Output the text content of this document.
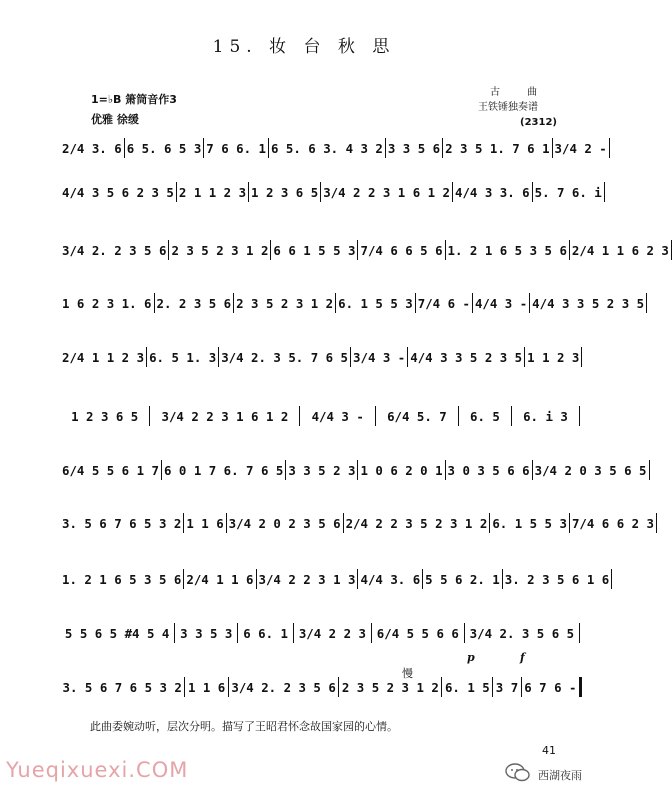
15. 妆 台 秋 思
1=♭B 箫筒音作3
优雅 徐缓
古 曲
王铁锤独奏谱
(2312)
2/4 3. 6 6 5. 6 5 3 7 6 6. 1 6 5. 6 3. 4 3 2 3 3 5 6 2 3 5 1. 7 6 1 3/4 2 -
4/4 3 5 6 2 3 5 2 1 1 2 3 1 2 3 6 5 3/4 2 2 3 1 6 1 2 4/4 3 3. 6 5. 7 6. i
3/4 2. 2 3 5 6 2 3 5 2 3 1 2 6 6 1 5 5 3 7/4 6 6 5 6 1. 2 1 6 5 3 5 6 2/4 1 1 6 2 3
1 6 2 3 1. 6 2. 2 3 5 6 2 3 5 2 3 1 2 6. 1 5 5 3 7/4 6 - 4/4 3 - 4/4 3 3 5 2 3 5
2/4 1 1 2 3 6. 5 1. 3 3/4 2. 3 5. 7 6 5 3/4 3 - 4/4 3 3 5 2 3 5 1 1 2 3
1 2 3 6 5	3/4 2 2 3 1 6 1 2	4/4 3 -	6/4 5. 7	6. 5	6. i 3
6/4 5 5 6 1 7 6 0 1 7 6. 7 6 5 3 3 5 2 3 1 0 6 2 0 1 3 0 3 5 6 6 3/4 2 0 3 5 6 5
3. 5 6 7 6 5 3 2 1 1 6 3/4 2 0 2 3 5 6 2/4 2 2 3 5 2 3 1 2 6. 1 5 5 3 7/4 6 6 2 3
1. 2 1 6 5 3 5 6 2/4 1 1 6 3/4 2 2 3 1 3 4/4 3. 6 5 5 6 2. 1 3. 2 3 5 6 1 6
5 5 6 5 #4 5 4 3 3 5 3 6 6. 1 3/4 2 2 3 6/4 5 5 6 6 3/4 2. 3 5 6 5
3. 5 6 7 6 5 3 2 1 1 6 3/4 2. 2 3 5 6 2 3 5 2 3 1 2 6. 1 5 3 7 6 7 6 -
慢
p	f
此曲委婉动听，层次分明。描写了王昭君怀念故国家园的心情。
41
Yueqixuexi.COM	西湖夜雨
